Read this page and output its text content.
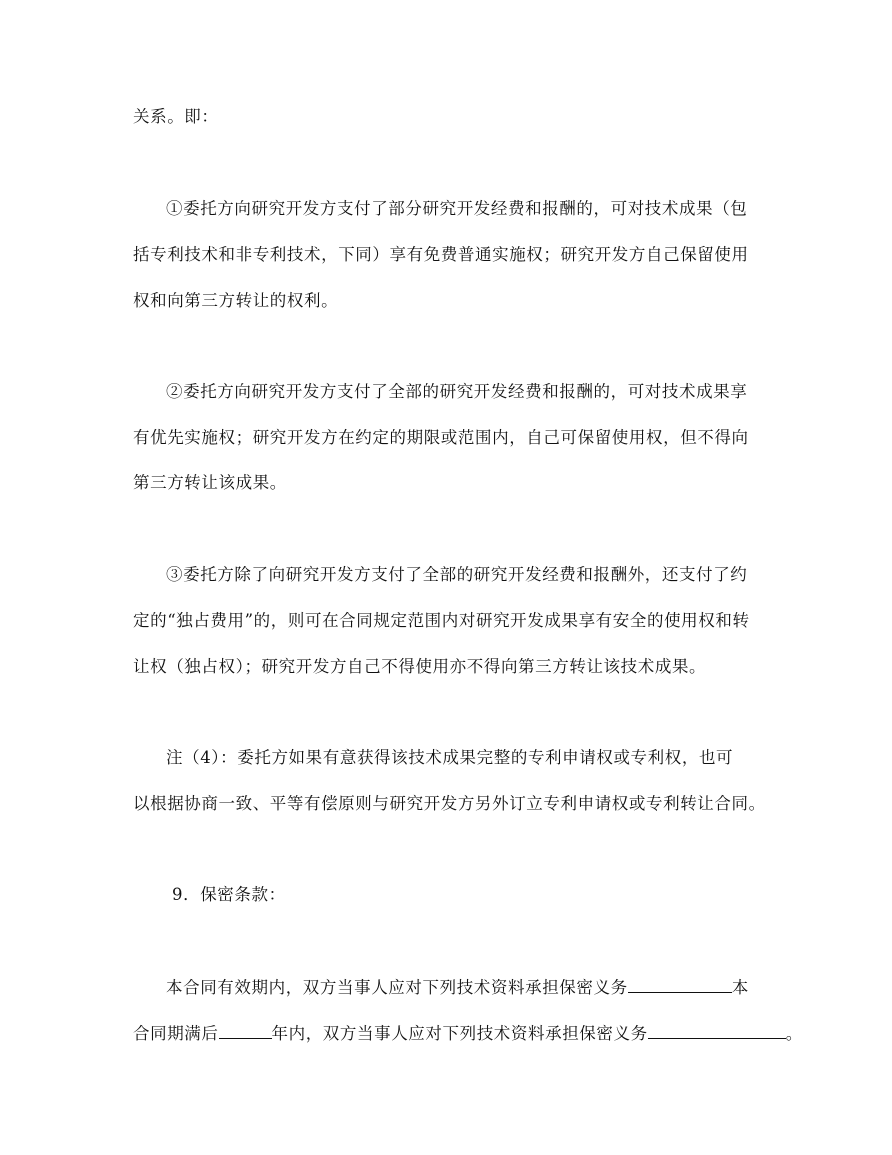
关系。即：
①委托方向研究开发方支付了部分研究开发经费和报酬的，可对技术成果（包
括专利技术和非专利技术，下同）享有免费普通实施权；研究开发方自己保留使用
权和向第三方转让的权利。
②委托方向研究开发方支付了全部的研究开发经费和报酬的，可对技术成果享
有优先实施权；研究开发方在约定的期限或范围内，自己可保留使用权，但不得向
第三方转让该成果。
③委托方除了向研究开发方支付了全部的研究开发经费和报酬外，还支付了约
定的“独占费用”的，则可在合同规定范围内对研究开发成果享有安全的使用权和转
让权（独占权）；研究开发方自己不得使用亦不得向第三方转让该技术成果。
注（4）：委托方如果有意获得该技术成果完整的专利申请权或专利权，也可
以根据协商一致、平等有偿原则与研究开发方另外订立专利申请权或专利转让合同。
9．保密条款：
本合同有效期内，双方当事人应对下列技术资料承担保密义务	本
合同期满后	年内，双方当事人应对下列技术资料承担保密义务	。
